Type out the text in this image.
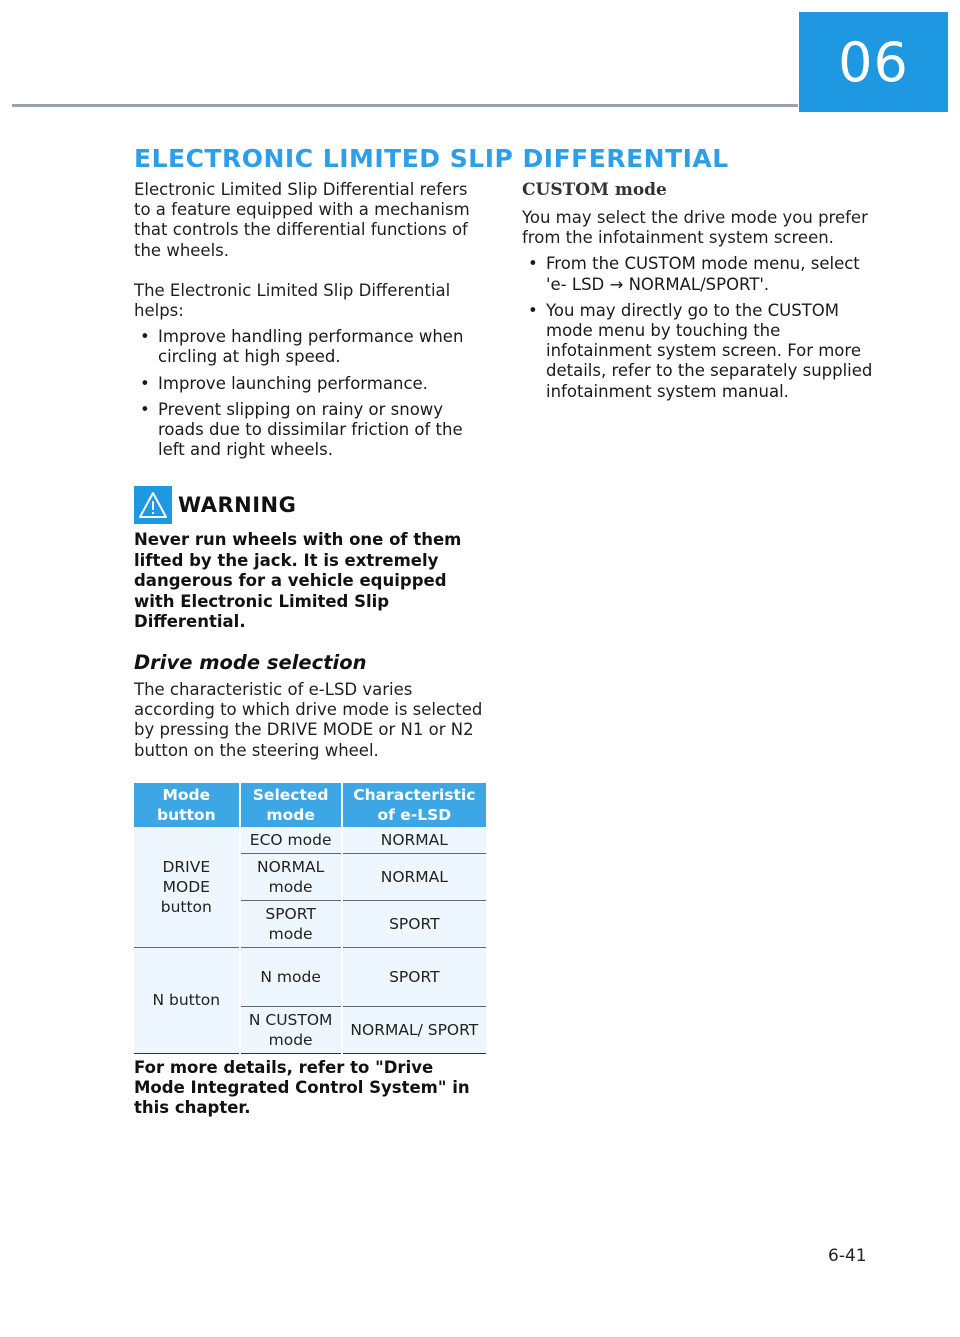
06
ELECTRONIC LIMITED SLIP DIFFERENTIAL

Electronic Limited Slip Differential refers to a feature equipped with a mechanism that controls the differential functions of the wheels.

The Electronic Limited Slip Differential helps:

• Improve handling performance when circling at high speed.
• Improve launching performance.
• Prevent slipping on rainy or snowy roads due to dissimilar friction of the left and right wheels.
WARNING

Never run wheels with one of them lifted by the jack. It is extremely dangerous for a vehicle equipped with Electronic Limited Slip Differential.

Drive mode selection

The characteristic of e-LSD varies according to which drive mode is selected by pressing the DRIVE MODE or N1 or N2 button on the steering wheel.

Mode button	Selected mode	Characteristic of e-LSD
DRIVE MODE button	ECO mode	NORMAL
	NORMAL mode	NORMAL
	SPORT mode	SPORT
N button	N mode	SPORT
	N CUSTOM mode	NORMAL/ SPORT

For more details, refer to "Drive Mode Integrated Control System" in this chapter.

CUSTOM mode

You may select the drive mode you prefer from the infotainment system screen.

• From the CUSTOM mode menu, select 'e- LSD → NORMAL/SPORT'.
• You may directly go to the CUSTOM mode menu by touching the infotainment system screen. For more details, refer to the separately supplied infotainment system manual.
6-41
